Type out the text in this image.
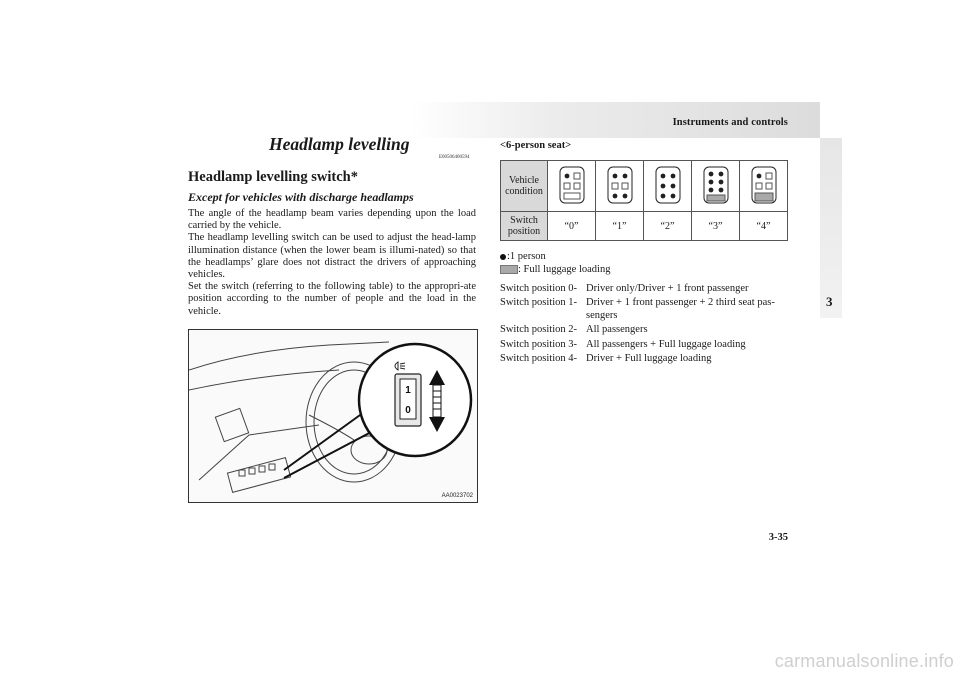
Instruments and controls
3
Headlamp levelling
E00506400594
Headlamp levelling switch*
Except for vehicles with discharge headlamps

The angle of the headlamp beam varies depending upon the load carried by the vehicle.

The headlamp levelling switch can be used to adjust the head-lamp illumination distance (when the lower beam is illumi-nated) so that the headlamps’ glare does not distract the drivers of approaching vehicles.

Set the switch (referring to the following table) to the appropri-ate position according to the number of people and the load in the vehicle.

1
0
AA0023702
<6-person seat>
Vehicle condition					
Switch position	“0”	“1”	“2”	“3”	“4”
:1 person
: Full luggage loading
Switch position 0-	Driver only/Driver + 1 front passenger
Switch position 1-	Driver + 1 front passenger + 2 third seat pas-sengers
Switch position 2-	All passengers
Switch position 3-	All passengers + Full luggage loading
Switch position 4-	Driver + Full luggage loading
3-35
carmanualsonline.info
